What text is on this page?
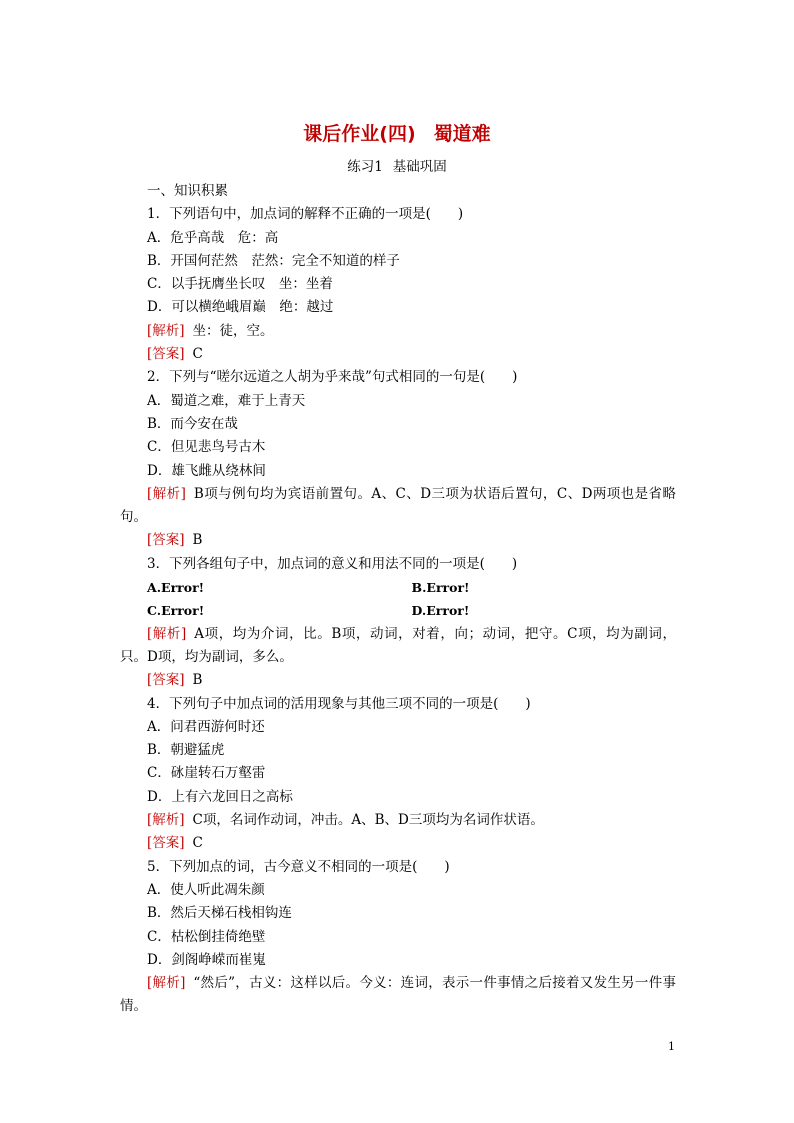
课后作业(四) 蜀道难
练习1 基础巩固
一、知识积累
1．下列语句中，加点词的解释不正确的一项是(　　)
A．危乎高哉　危：高
B．开国何茫然　茫然：完全不知道的样子
C．以手抚膺坐长叹　坐：坐着
D．可以横绝峨眉巅　绝：越过
[解析] 坐：徒，空。
[答案] C
2．下列与“嗟尔远道之人胡为乎来哉”句式相同的一句是(　　)
A．蜀道之难，难于上青天
B．而今安在哉
C．但见悲鸟号古木
D．雄飞雌从绕林间
[解析] B项与例句均为宾语前置句。A、C、D三项为状语后置句，C、D两项也是省略句。
[答案] B
3．下列各组句子中，加点词的意义和用法不同的一项是(　　)
A.Error!	B.Error!
C.Error!	D.Error!
[解析] A项，均为介词，比。B项，动词，对着，向；动词，把守。C项，均为副词，只。D项，均为副词，多么。
[答案] B
4．下列句子中加点词的活用现象与其他三项不同的一项是(　　)
A．问君西游何时还
B．朝避猛虎
C．砯崖转石万壑雷
D．上有六龙回日之高标
[解析] C项，名词作动词，冲击。A、B、D三项均为名词作状语。
[答案] C
5．下列加点的词，古今意义不相同的一项是(　　)
A．使人听此凋朱颜
B．然后天梯石栈相钩连
C．枯松倒挂倚绝壁
D．剑阁峥嵘而崔嵬
[解析] “然后”，古义：这样以后。今义：连词，表示一件事情之后接着又发生另一件事情。
1
